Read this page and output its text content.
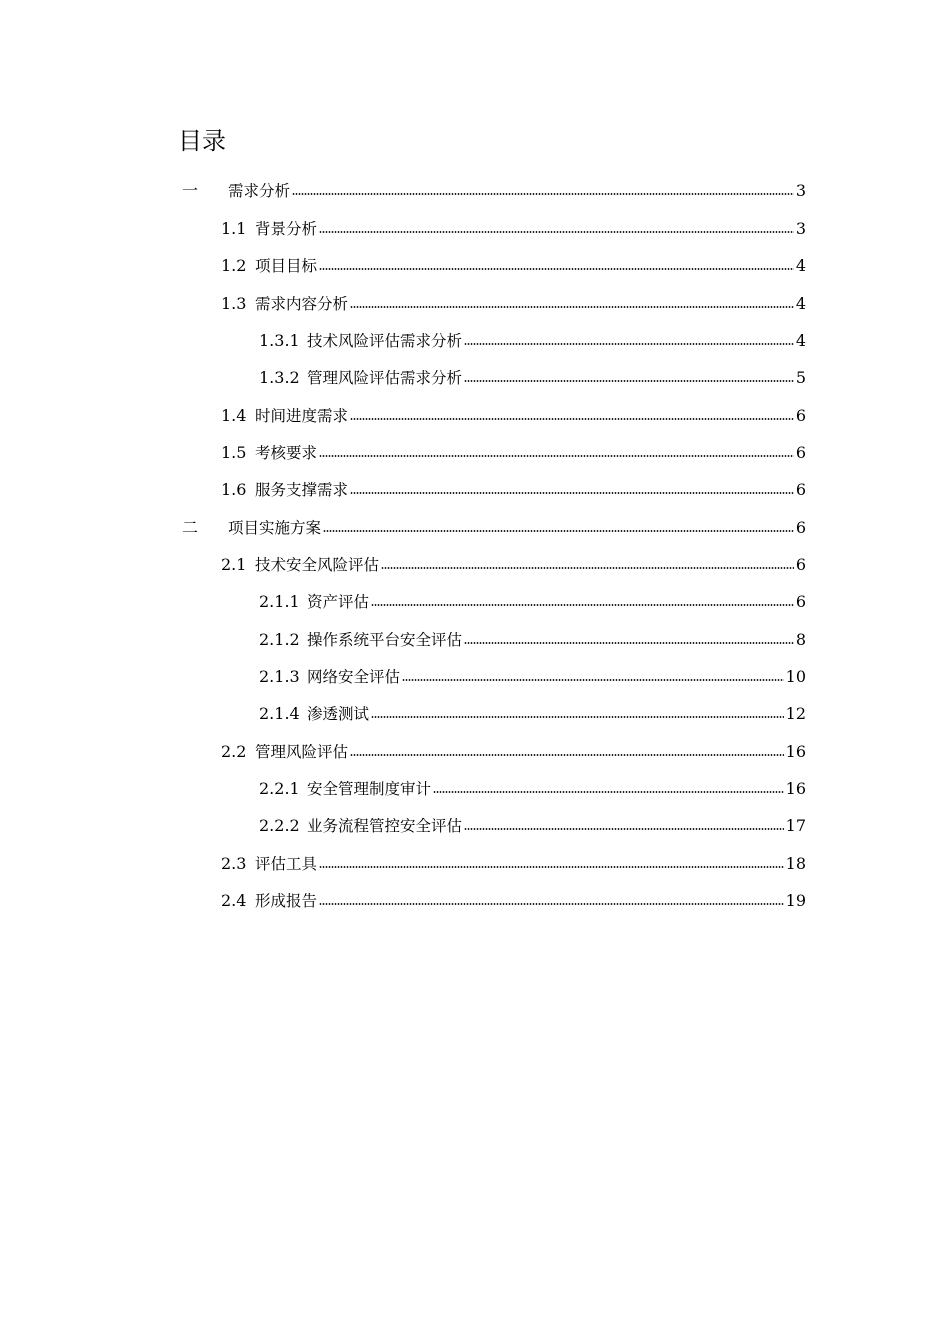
目录
一	需求分析	3
1.1 背景分析	3
1.2 项目目标	4
1.3 需求内容分析	4
1.3.1 技术风险评估需求分析	4
1.3.2 管理风险评估需求分析	5
1.4 时间进度需求	6
1.5 考核要求	6
1.6 服务支撑需求	6
二	项目实施方案	6
2.1 技术安全风险评估	6
2.1.1 资产评估	6
2.1.2 操作系统平台安全评估	8
2.1.3 网络安全评估	10
2.1.4 渗透测试	12
2.2 管理风险评估	16
2.2.1 安全管理制度审计	16
2.2.2 业务流程管控安全评估	17
2.3 评估工具	18
2.4 形成报告	19
